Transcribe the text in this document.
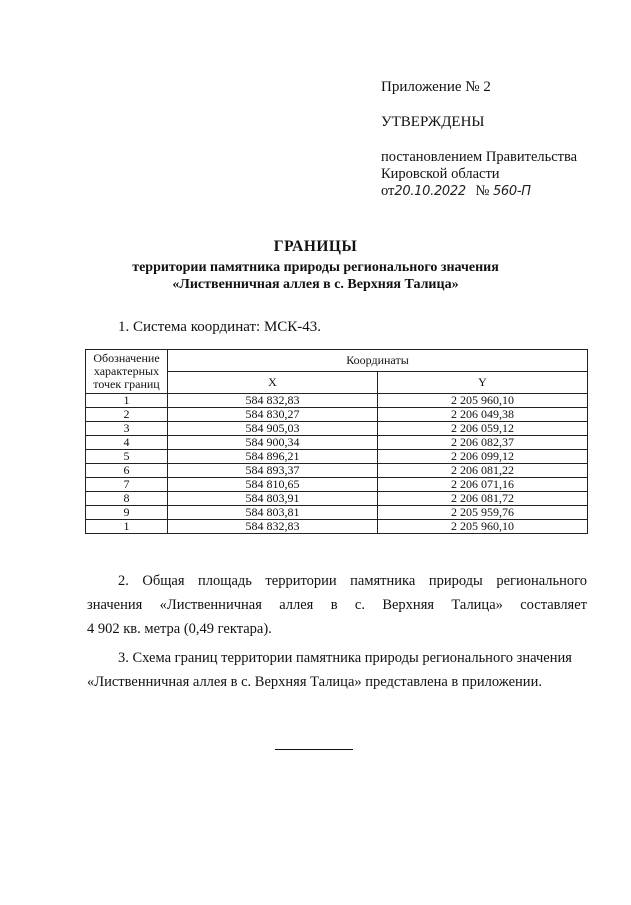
Приложение № 2
УТВЕРЖДЕНЫ
постановлением Правительства
Кировской области
от20.10.2022 № 560-П
ГРАНИЦЫ
территории памятника природы регионального значения
«Лиственничная аллея в с. Верхняя Талица»
1. Система координат: МСК-43.
Обозначение характерных точек границ	Координаты	
	X	Y
1	584 832,83	2 205 960,10
2	584 830,27	2 206 049,38
3	584 905,03	2 206 059,12
4	584 900,34	2 206 082,37
5	584 896,21	2 206 099,12
6	584 893,37	2 206 081,22
7	584 810,65	2 206 071,16
8	584 803,91	2 206 081,72
9	584 803,81	2 205 959,76
1	584 832,83	2 205 960,10
2. Общая площадь территории памятника природы регионального
значения «Лиственничная аллея в с. Верхняя Талица» составляет
4 902 кв. метра (0,49 гектара).
3. Схема границ территории памятника природы регионального значения
«Лиственничная аллея в с. Верхняя Талица» представлена в приложении.
